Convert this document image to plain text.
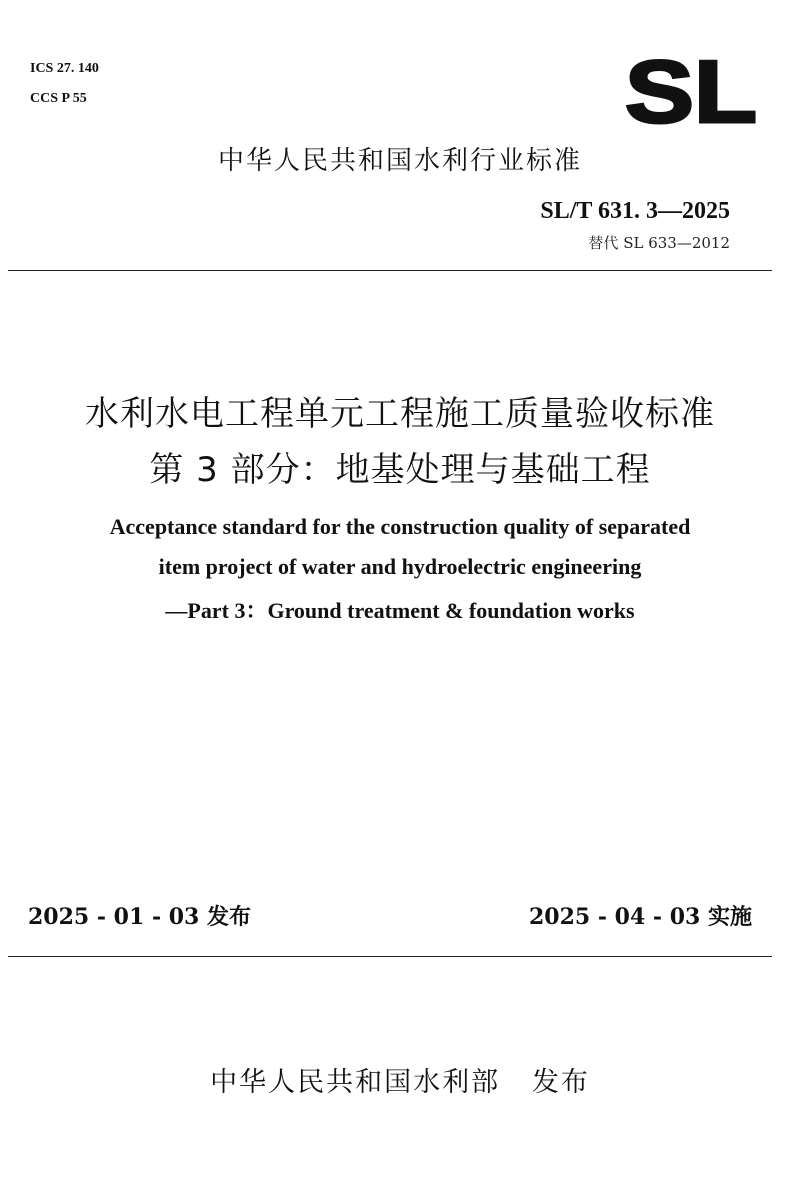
ICS 27. 140
CCS P 55	SL
中华人民共和国水利行业标准
SL/T 631. 3—2025
替代 SL 633—2012
水利水电工程单元工程施工质量验收标准
第 3 部分：地基处理与基础工程
Acceptance standard for the construction quality of separated
item project of water and hydroelectric engineering
—Part 3：Ground treatment & foundation works
2025 - 01 - 03 发布	2025 - 04 - 03 实施
中华人民共和国水利部   发布
